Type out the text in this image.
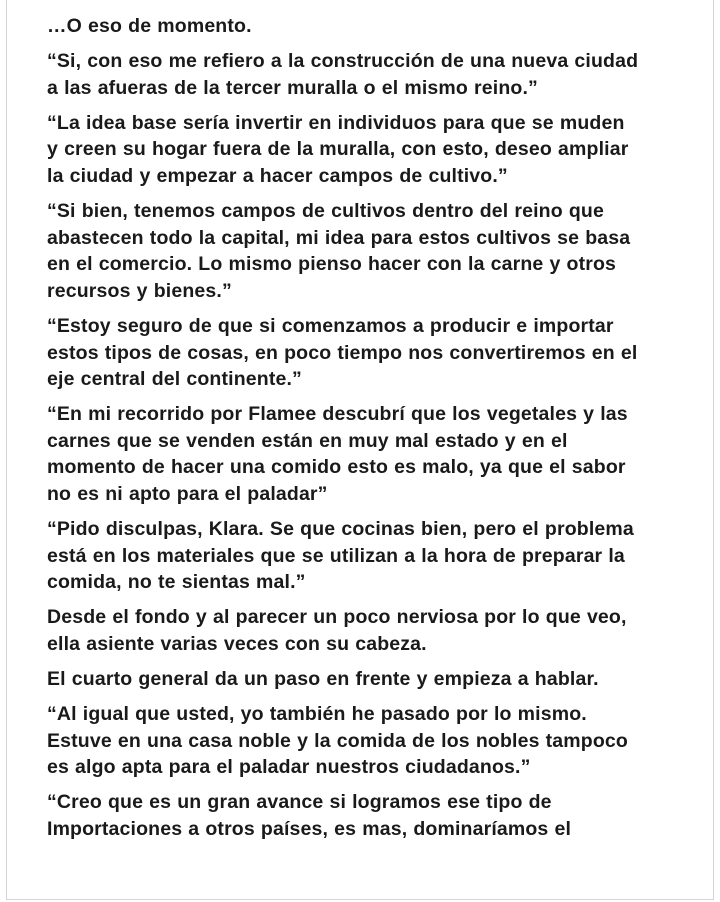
…O eso de momento.

“Si, con eso me refiero a la construcción de una nueva ciudad
a las afueras de la tercer muralla o el mismo reino.”

“La idea base sería invertir en individuos para que se muden
y creen su hogar fuera de la muralla, con esto, deseo ampliar
la ciudad y empezar a hacer campos de cultivo.”

“Si bien, tenemos campos de cultivos dentro del reino que
abastecen todo la capital, mi idea para estos cultivos se basa
en el comercio. Lo mismo pienso hacer con la carne y otros
recursos y bienes.”

“Estoy seguro de que si comenzamos a producir e importar
estos tipos de cosas, en poco tiempo nos convertiremos en el
eje central del continente.”

“En mi recorrido por Flamee descubrí que los vegetales y las
carnes que se venden están en muy mal estado y en el
momento de hacer una comido esto es malo, ya que el sabor
no es ni apto para el paladar”

“Pido disculpas, Klara. Se que cocinas bien, pero el problema
está en los materiales que se utilizan a la hora de preparar la
comida, no te sientas mal.”

Desde el fondo y al parecer un poco nerviosa por lo que veo,
ella asiente varias veces con su cabeza.

El cuarto general da un paso en frente y empieza a hablar.

“Al igual que usted, yo también he pasado por lo mismo.
Estuve en una casa noble y la comida de los nobles tampoco
es algo apta para el paladar nuestros ciudadanos.”

“Creo que es un gran avance si logramos ese tipo de
Importaciones a otros países, es mas, dominaríamos el
